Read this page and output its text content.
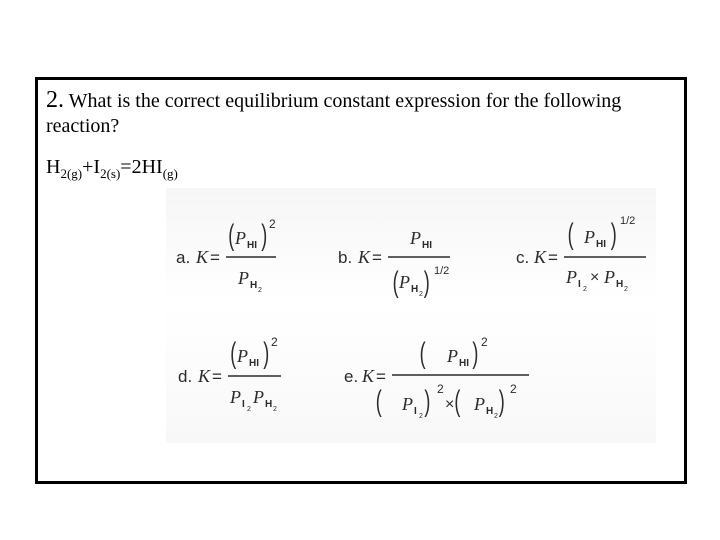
2. What is the correct equilibrium constant expression for the following reaction?

$H_{2(g)}+I_{2(s)}=2HI_{(g)}$
a. K =
( P HI ) 2
P H 2
b. K =
P HI
( P H 2 ) 1/2
c. K =
( P HI ) 1/2
P I 2
× P H 2
d. K =
( P HI ) 2
P I 2
P H 2
e. K =
( P HI ) 2
( P I 2 ) 2
× ( P H 2 ) 2
